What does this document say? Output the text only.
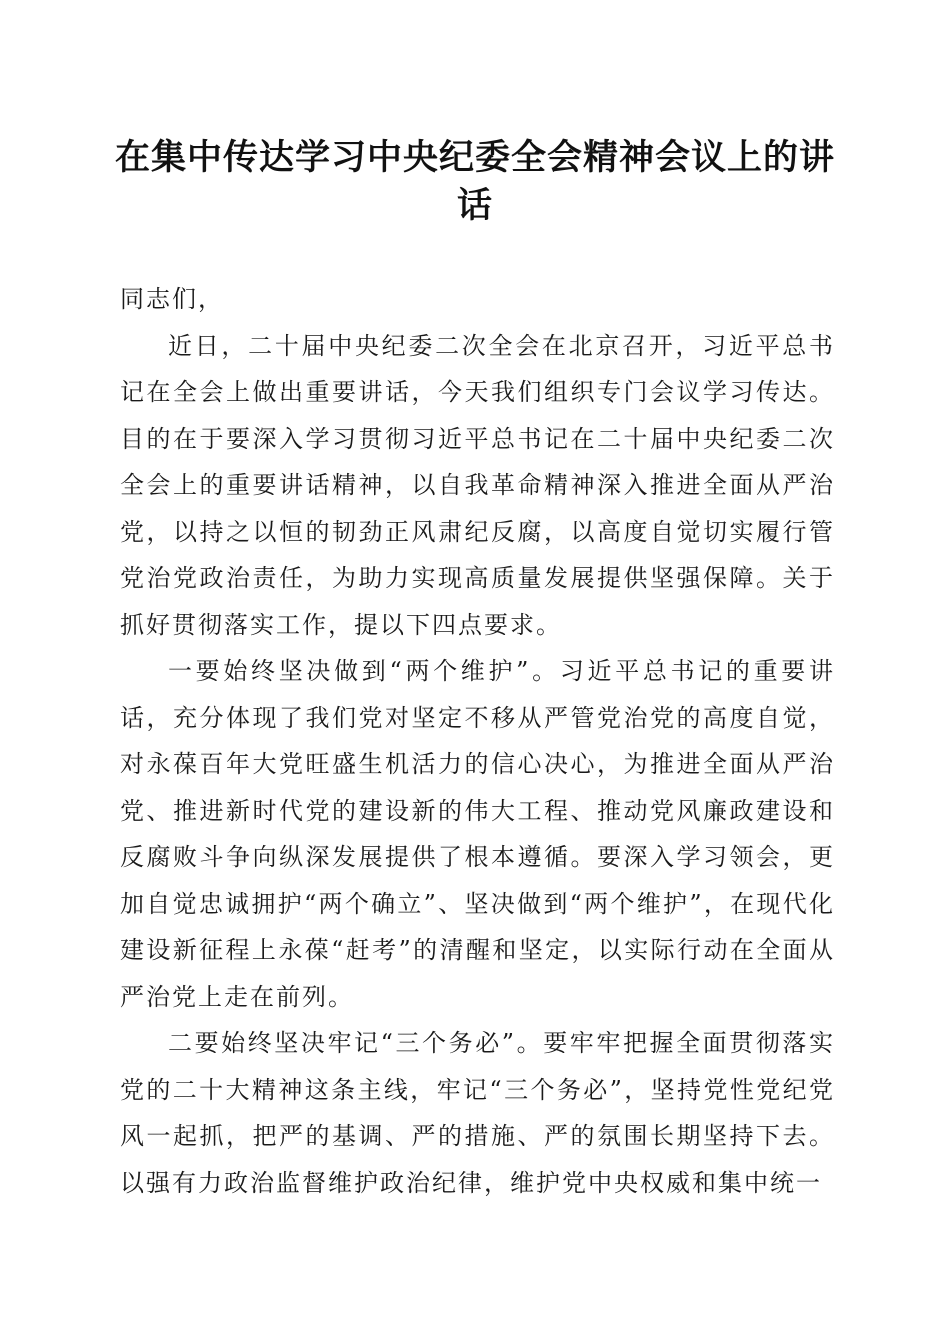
在集中传达学习中央纪委全会精神会议上的讲话

同志们，

近日，二十届中央纪委二次全会在北京召开，习近平总书记在全会上做出重要讲话，今天我们组织专门会议学习传达。目的在于要深入学习贯彻习近平总书记在二十届中央纪委二次全会上的重要讲话精神，以自我革命精神深入推进全面从严治党，以持之以恒的韧劲正风肃纪反腐，以高度自觉切实履行管党治党政治责任，为助力实现高质量发展提供坚强保障。关于抓好贯彻落实工作，提以下四点要求。

一要始终坚决做到“两个维护”。习近平总书记的重要讲话，充分体现了我们党对坚定不移从严管党治党的高度自觉，对永葆百年大党旺盛生机活力的信心决心，为推进全面从严治党、推进新时代党的建设新的伟大工程、推动党风廉政建设和反腐败斗争向纵深发展提供了根本遵循。要深入学习领会，更加自觉忠诚拥护“两个确立”、坚决做到“两个维护”，在现代化建设新征程上永葆“赶考”的清醒和坚定，以实际行动在全面从严治党上走在前列。

二要始终坚决牢记“三个务必”。要牢牢把握全面贯彻落实党的二十大精神这条主线，牢记“三个务必”，坚持党性党纪党风一起抓，把严的基调、严的措施、严的氛围长期坚持下去。以强有力政治监督维护政治纪律，维护党中央权威和集中统一
